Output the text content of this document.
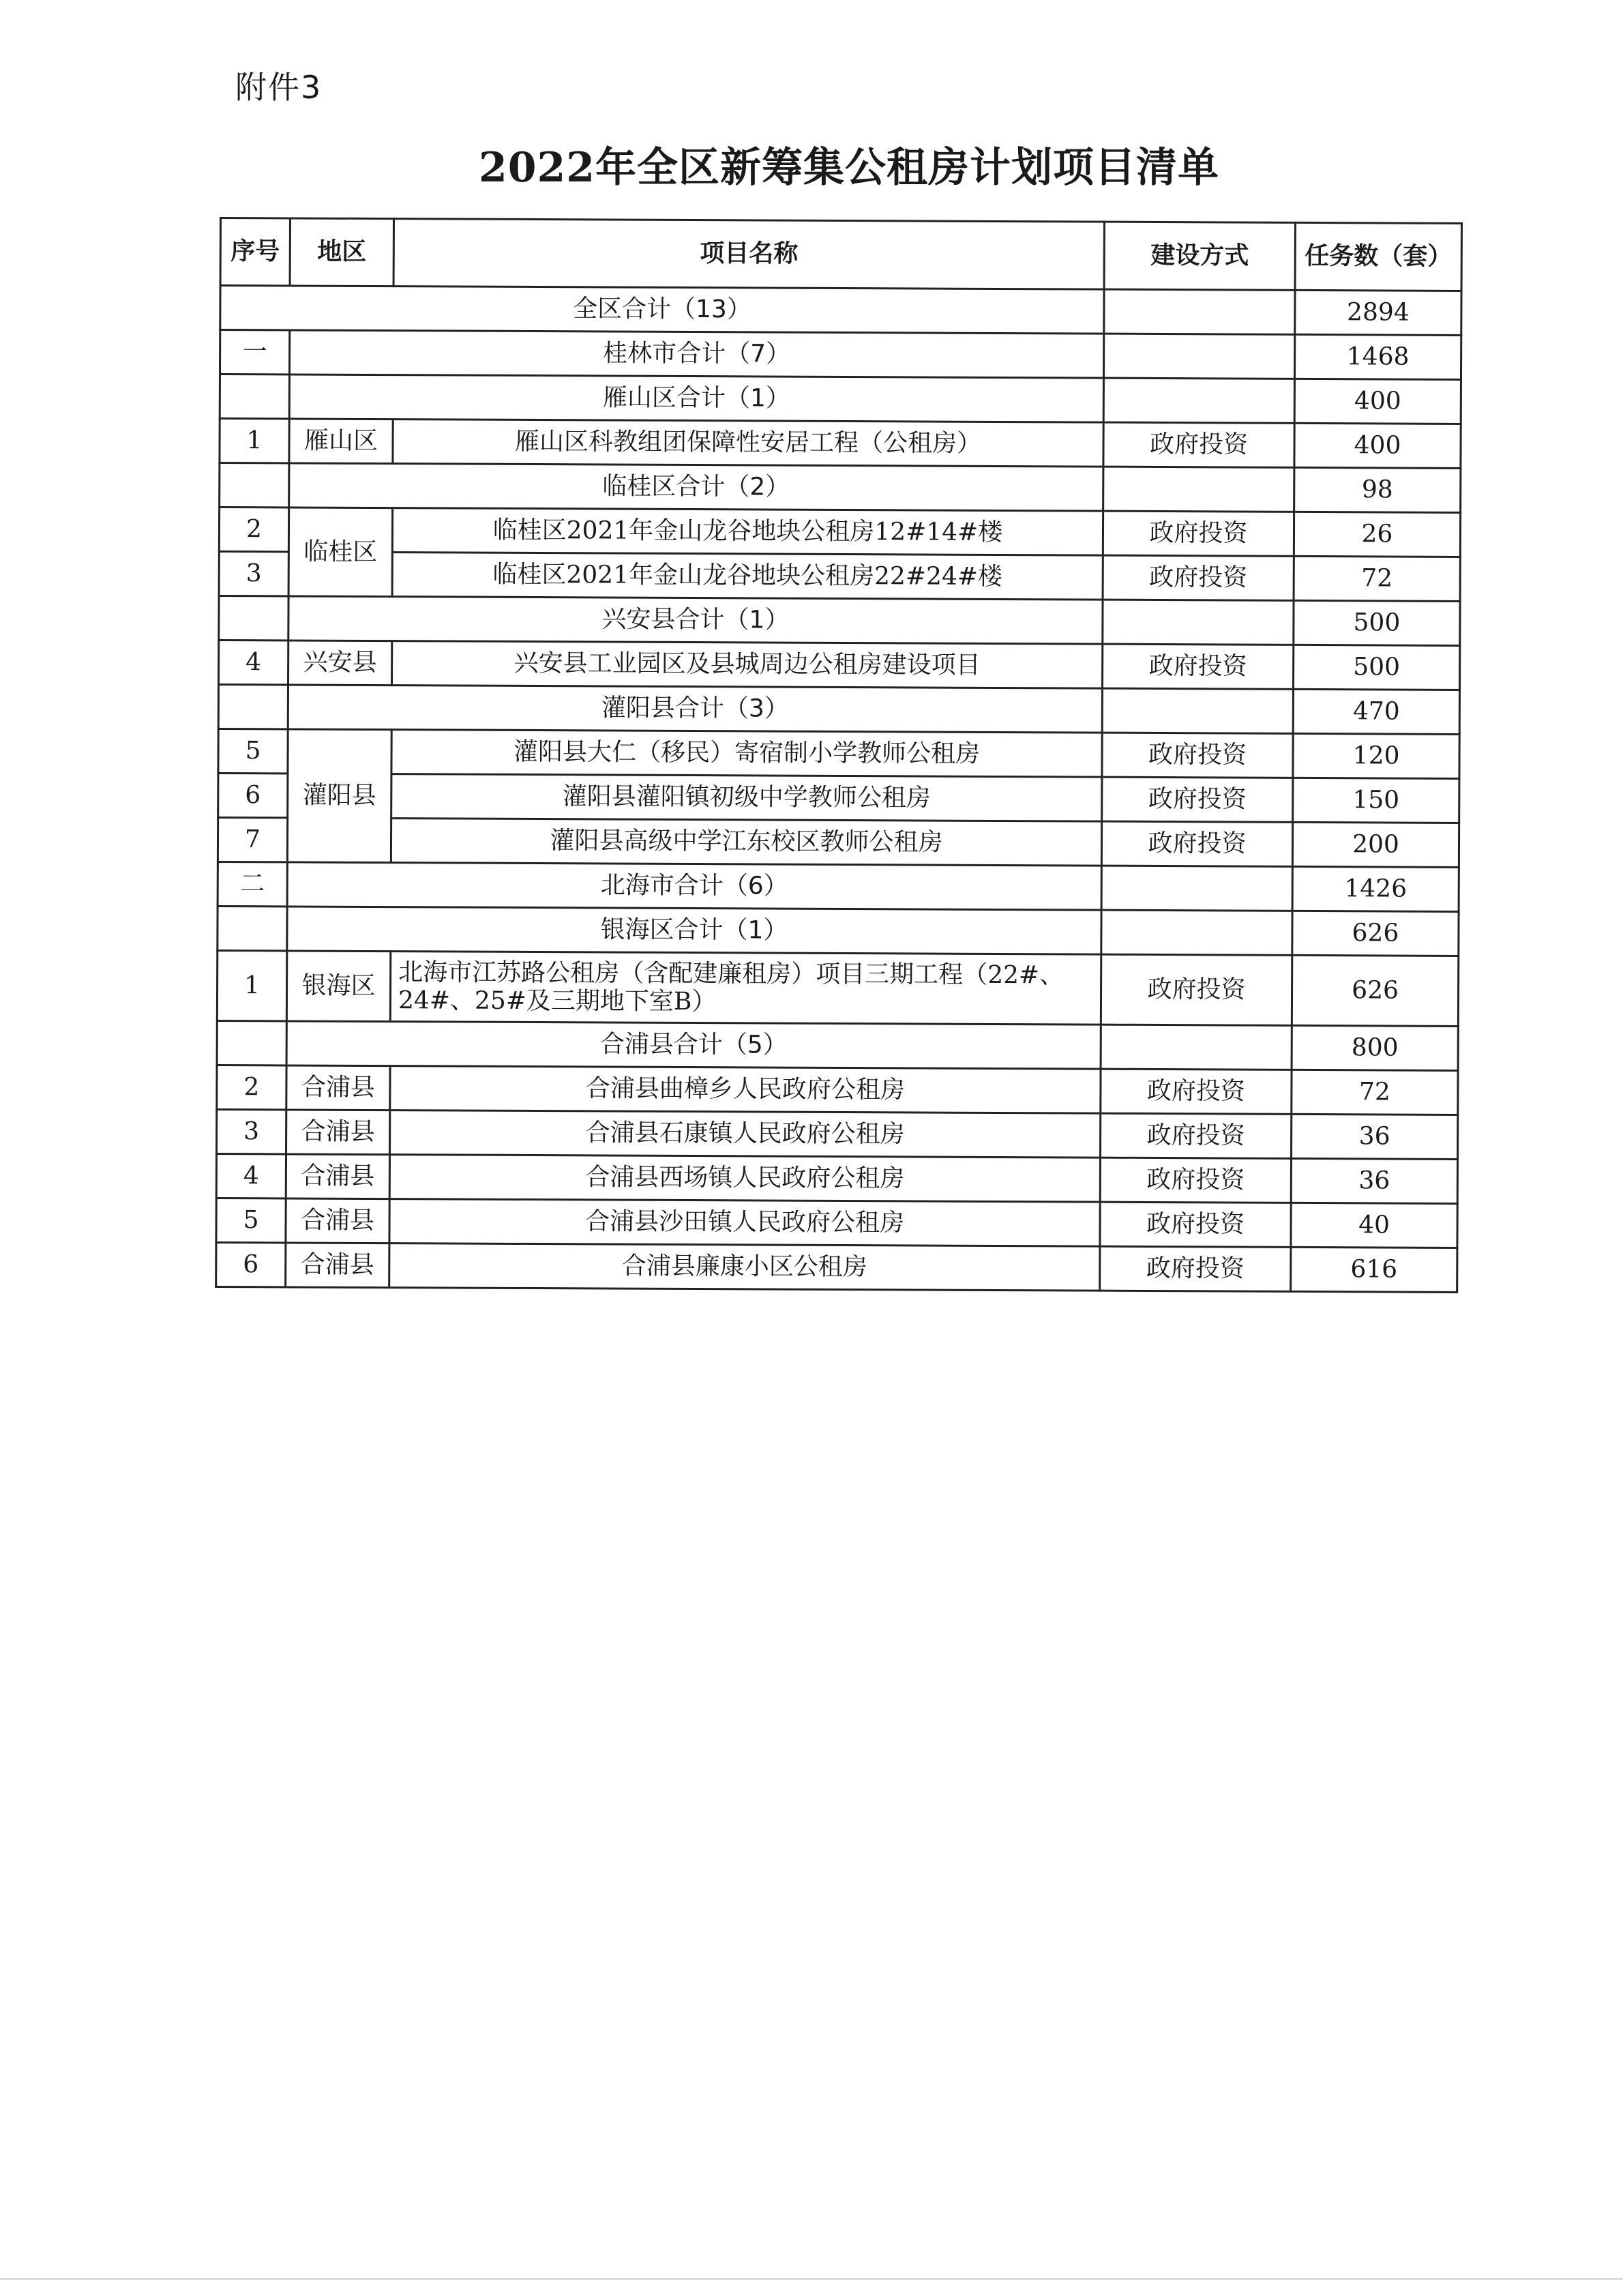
附件3
2022年全区新筹集公租房计划项目清单
序号	地区	项目名称	建设方式	任务数（套）
全区合计（13）				2894
一	桂林市合计（7）			1468
	雁山区合计（1）			400
1	雁山区	雁山区科教组团保障性安居工程（公租房）	政府投资	400
	临桂区合计（2）			98
2	临桂区	临桂区2021年金山龙谷地块公租房12#14#楼	政府投资	26
3		临桂区2021年金山龙谷地块公租房22#24#楼	政府投资	72
	兴安县合计（1）			500
4	兴安县	兴安县工业园区及县城周边公租房建设项目	政府投资	500
	灌阳县合计（3）			470
5	灌阳县	灌阳县大仁（移民）寄宿制小学教师公租房	政府投资	120
6		灌阳县灌阳镇初级中学教师公租房	政府投资	150
7		灌阳县高级中学江东校区教师公租房	政府投资	200
二	北海市合计（6）			1426
	银海区合计（1）			626
1	银海区	北海市江苏路公租房（含配建廉租房）项目三期工程（22#、24#、25#及三期地下室B）	政府投资	626
	合浦县合计（5）			800
2	合浦县	合浦县曲樟乡人民政府公租房	政府投资	72
3	合浦县	合浦县石康镇人民政府公租房	政府投资	36
4	合浦县	合浦县西场镇人民政府公租房	政府投资	36
5	合浦县	合浦县沙田镇人民政府公租房	政府投资	40
6	合浦县	合浦县廉康小区公租房	政府投资	616
